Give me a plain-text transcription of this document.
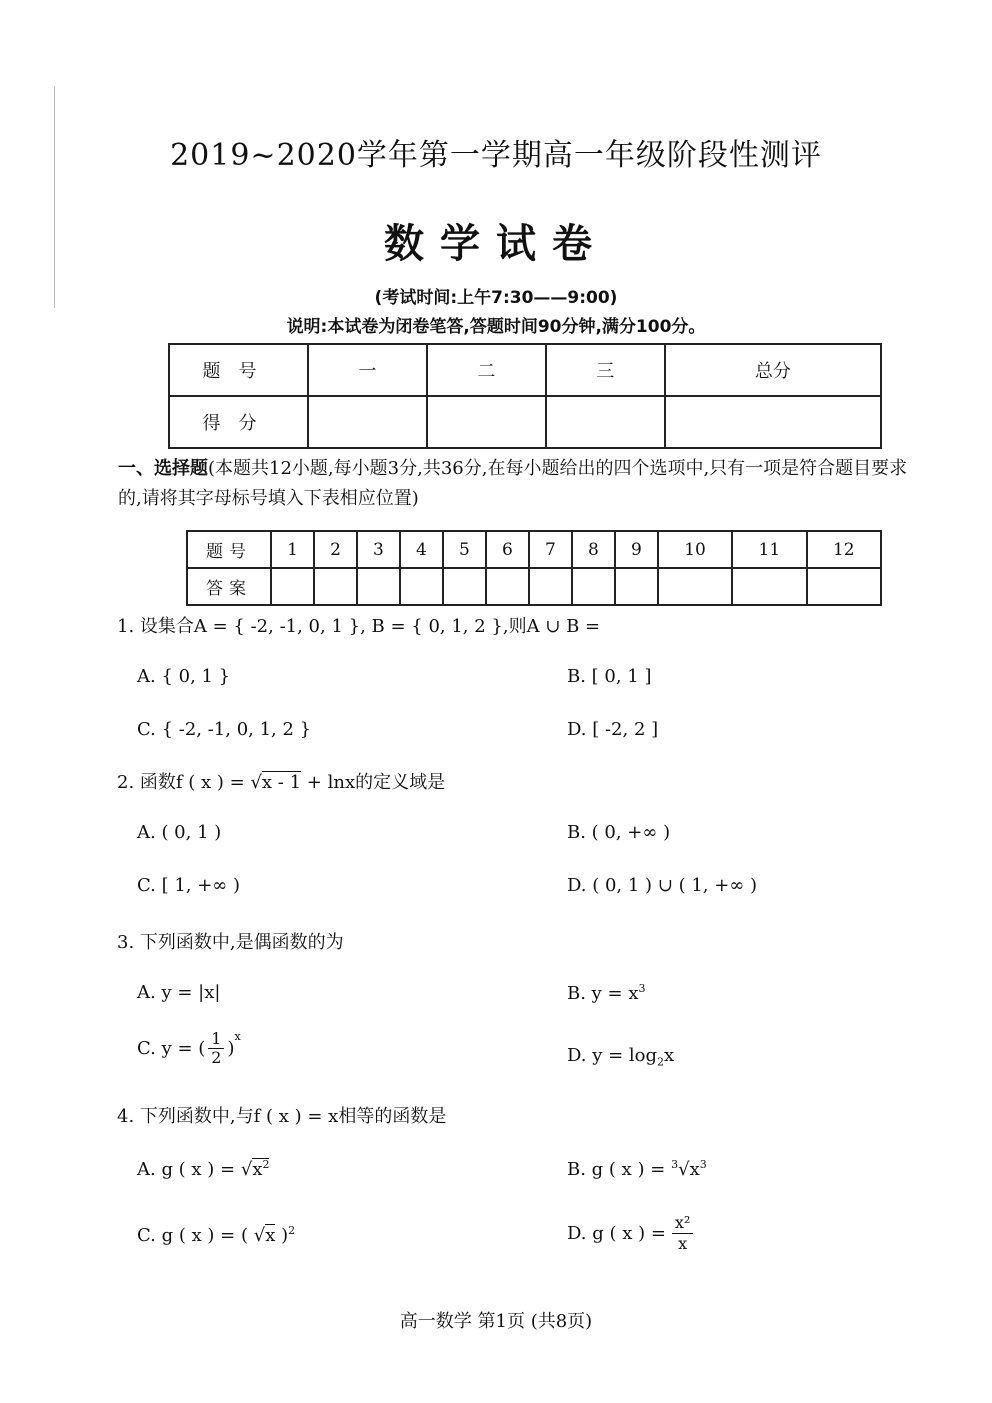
2019~2020学年第一学期高一年级阶段性测评
数学试卷
(考试时间:上午7:30——9:00)
说明:本试卷为闭卷笔答,答题时间90分钟,满分100分。
题号	一	二	三	总分
得分				
一、选择题(本题共12小题,每小题3分,共36分,在每小题给出的四个选项中,只有一项是符合题目要求的,请将其字母标号填入下表相应位置)
题号	1	2	3	4	5	6	7	8	9	10	11	12
答案												
1. 设集合A = { -2, -1, 0, 1 }, B = { 0, 1, 2 },则A ∪ B =
A. { 0, 1 }	B. [ 0, 1 ]
C. { -2, -1, 0, 1, 2 }	D. [ -2, 2 ]
2. 函数f ( x ) = √x - 1 + lnx的定义域是
A. ( 0, 1 )	B. ( 0, +∞ )
C. [ 1, +∞ )	D. ( 0, 1 ) ∪ ( 1, +∞ )
3. 下列函数中,是偶函数的为
A. y = |x|	B. $y = x^3$
C. y = ( $\frac{1}{2}$ )
$^x$
D. $y = \log_2x$
4. 下列函数中,与f ( x ) = x相等的函数是
A. g ( x ) = $√x^2$	B. g ( x ) = $^3√x^3$
C. g ( x ) = ( √x )$^2$	D. g ( x ) = $\frac{\text{x²}}{x}$
高一数学 第1页 (共8页)
